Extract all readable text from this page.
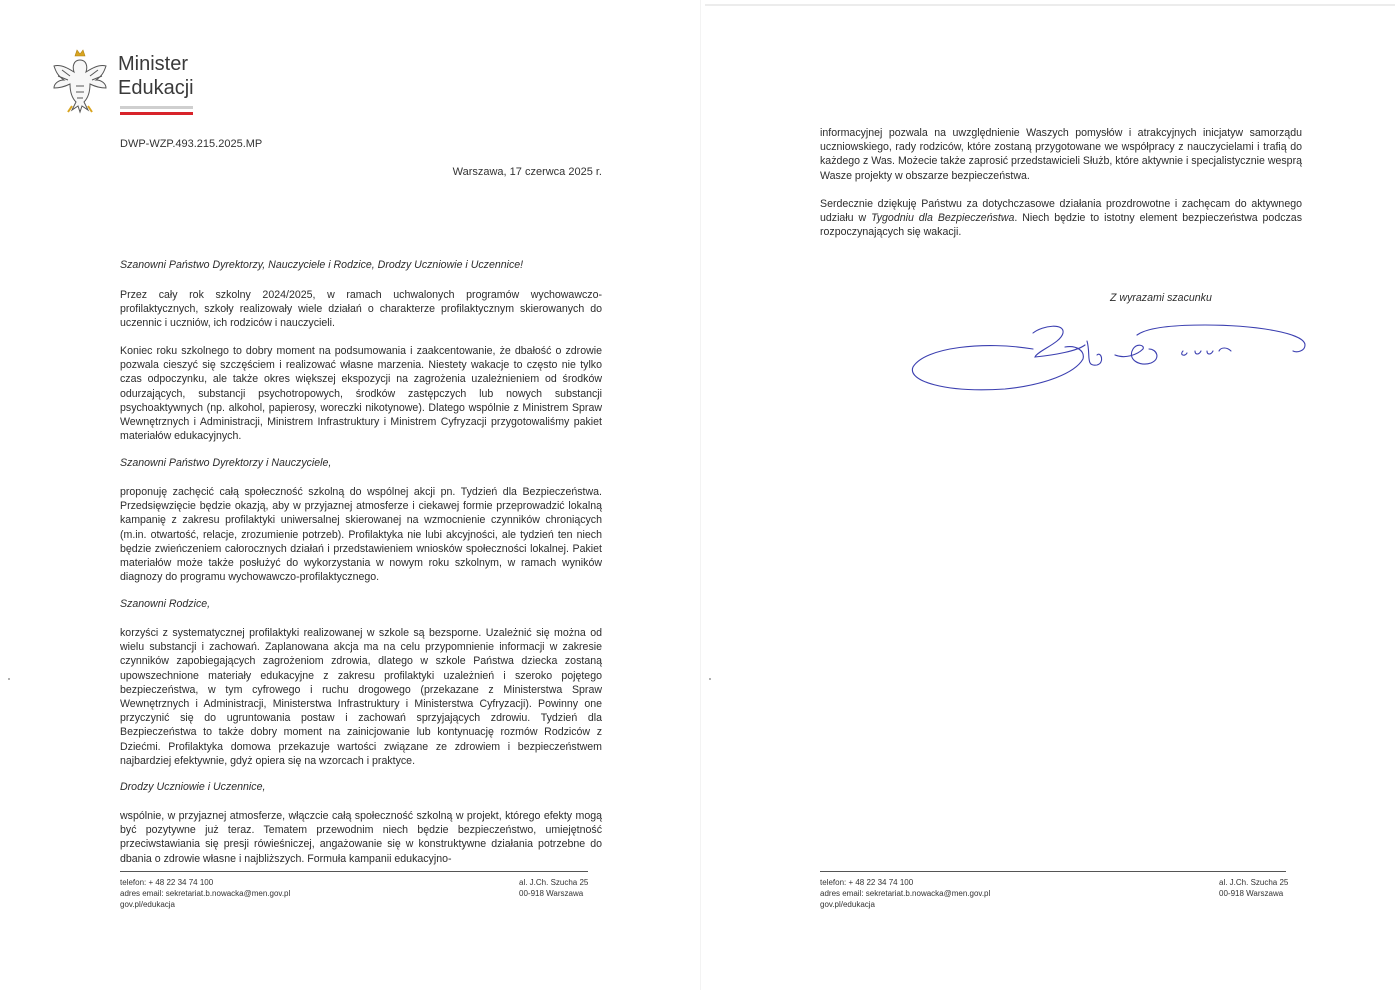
Minister
Edukacji
DWP-WZP.493.215.2025.MP
Warszawa, 17 czerwca 2025 r.
Szanowni Państwo Dyrektorzy, Nauczyciele i Rodzice, Drodzy Uczniowie i Uczennice!
Przez cały rok szkolny 2024/2025, w ramach uchwalonych programów wychowawczo-profilaktycznych, szkoły realizowały wiele działań o charakterze profilaktycznym skierowanych do uczennic i uczniów, ich rodziców i nauczycieli.
Koniec roku szkolnego to dobry moment na podsumowania i zaakcentowanie, że dbałość o zdrowie pozwala cieszyć się szczęściem i realizować własne marzenia. Niestety wakacje to często nie tylko czas odpoczynku, ale także okres większej ekspozycji na zagrożenia uzależnieniem od środków odurzających, substancji psychotropowych, środków zastępczych lub nowych substancji psychoaktywnych (np. alkohol, papierosy, woreczki nikotynowe). Dlatego wspólnie z Ministrem Spraw Wewnętrznych i Administracji, Ministrem Infrastruktury i Ministrem Cyfryzacji przygotowaliśmy pakiet materiałów edukacyjnych.
Szanowni Państwo Dyrektorzy i Nauczyciele,
proponuję zachęcić całą społeczność szkolną do wspólnej akcji pn. Tydzień dla Bezpieczeństwa. Przedsięwzięcie będzie okazją, aby w przyjaznej atmosferze i ciekawej formie przeprowadzić lokalną kampanię z zakresu profilaktyki uniwersalnej skierowanej na wzmocnienie czynników chroniących (m.in. otwartość, relacje, zrozumienie potrzeb). Profilaktyka nie lubi akcyjności, ale tydzień ten niech będzie zwieńczeniem całorocznych działań i przedstawieniem wniosków społeczności lokalnej. Pakiet materiałów może także posłużyć do wykorzystania w nowym roku szkolnym, w ramach wyników diagnozy do programu wychowawczo-profilaktycznego.
Szanowni Rodzice,
korzyści z systematycznej profilaktyki realizowanej w szkole są bezsporne. Uzależnić się można od wielu substancji i zachowań. Zaplanowana akcja ma na celu przypomnienie informacji w zakresie czynników zapobiegających zagrożeniom zdrowia, dlatego w szkole Państwa dziecka zostaną upowszechnione materiały edukacyjne z zakresu profilaktyki uzależnień i szeroko pojętego bezpieczeństwa, w tym cyfrowego i ruchu drogowego (przekazane z Ministerstwa Spraw Wewnętrznych i Administracji, Ministerstwa Infrastruktury i Ministerstwa Cyfryzacji). Powinny one przyczynić się do ugruntowania postaw i zachowań sprzyjających zdrowiu. Tydzień dla Bezpieczeństwa to także dobry moment na zainicjowanie lub kontynuację rozmów Rodziców z Dziećmi. Profilaktyka domowa przekazuje wartości związane ze zdrowiem i bezpieczeństwem najbardziej efektywnie, gdyż opiera się na wzorcach i praktyce.
Drodzy Uczniowie i Uczennice,
wspólnie, w przyjaznej atmosferze, włączcie całą społeczność szkolną w projekt, którego efekty mogą być pozytywne już teraz. Tematem przewodnim niech będzie bezpieczeństwo, umiejętność przeciwstawiania się presji rówieśniczej, angażowanie się w konstruktywne działania potrzebne do dbania o zdrowie własne i najbliższych. Formuła kampanii edukacyjno-
telefon: + 48 22 34 74 100
adres email: sekretariat.b.nowacka@men.gov.pl
gov.pl/edukacja
al. J.Ch. Szucha 25
00-918 Warszawa
informacyjnej pozwala na uwzględnienie Waszych pomysłów i atrakcyjnych inicjatyw samorządu uczniowskiego, rady rodziców, które zostaną przygotowane we współpracy z nauczycielami i trafią do każdego z Was. Możecie także zaprosić przedstawicieli Służb, które aktywnie i specjalistycznie wesprą Wasze projekty w obszarze bezpieczeństwa.
Serdecznie dziękuję Państwu za dotychczasowe działania prozdrowotne i zachęcam do aktywnego udziału w Tygodniu dla Bezpieczeństwa. Niech będzie to istotny element bezpieczeństwa podczas rozpoczynających się wakacji.
Z wyrazami szacunku
telefon: + 48 22 34 74 100
adres email: sekretariat.b.nowacka@men.gov.pl
gov.pl/edukacja
al. J.Ch. Szucha 25
00-918 Warszawa
